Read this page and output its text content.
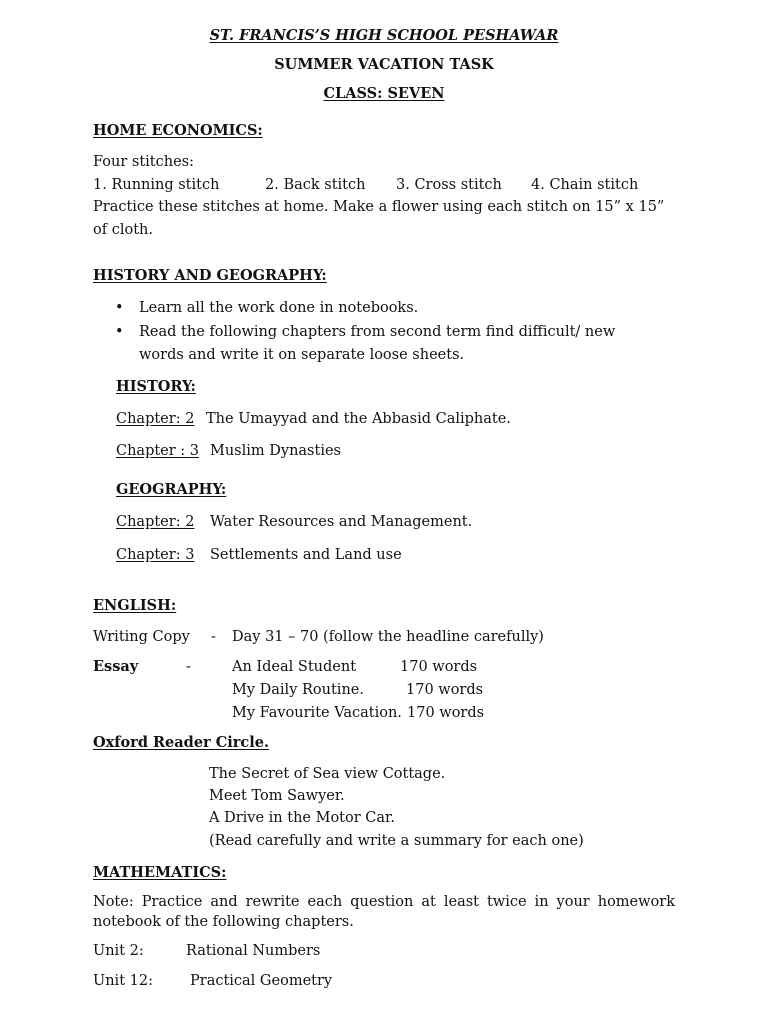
ST. FRANCIS’S HIGH SCHOOL PESHAWAR
SUMMER VACATION TASK
CLASS: SEVEN
HOME ECONOMICS:
Four stitches:
1. Running stitch	2. Back stitch 3. Cross stitch 4. Chain stitch
Practice these stitches at home. Make a flower using each stitch on 15” x 15”
of cloth.
HISTORY AND GEOGRAPHY:
• Learn all the work done in notebooks.
• Read the following chapters from second term find difficult/ new
words and write it on separate loose sheets.
HISTORY:
Chapter: 2 The Umayyad and the Abbasid Caliphate.
Chapter : 3 Muslim Dynasties
GEOGRAPHY:
Chapter: 2 Water Resources and Management.
Chapter: 3 Settlements and Land use
ENGLISH:
Writing Copy - Day 31 – 70 (follow the headline carefully)
Essay	-	An Ideal Student	170 words
My Daily Routine.	170 words
My Favourite Vacation. 170 words
Oxford Reader Circle.
The Secret of Sea view Cottage.
Meet Tom Sawyer.
A Drive in the Motor Car.
(Read carefully and write a summary for each one)
MATHEMATICS:
Note: Practice and rewrite each question at least twice in your homework
notebook of the following chapters.
Unit 2:	Rational Numbers
Unit 12:	Practical Geometry
